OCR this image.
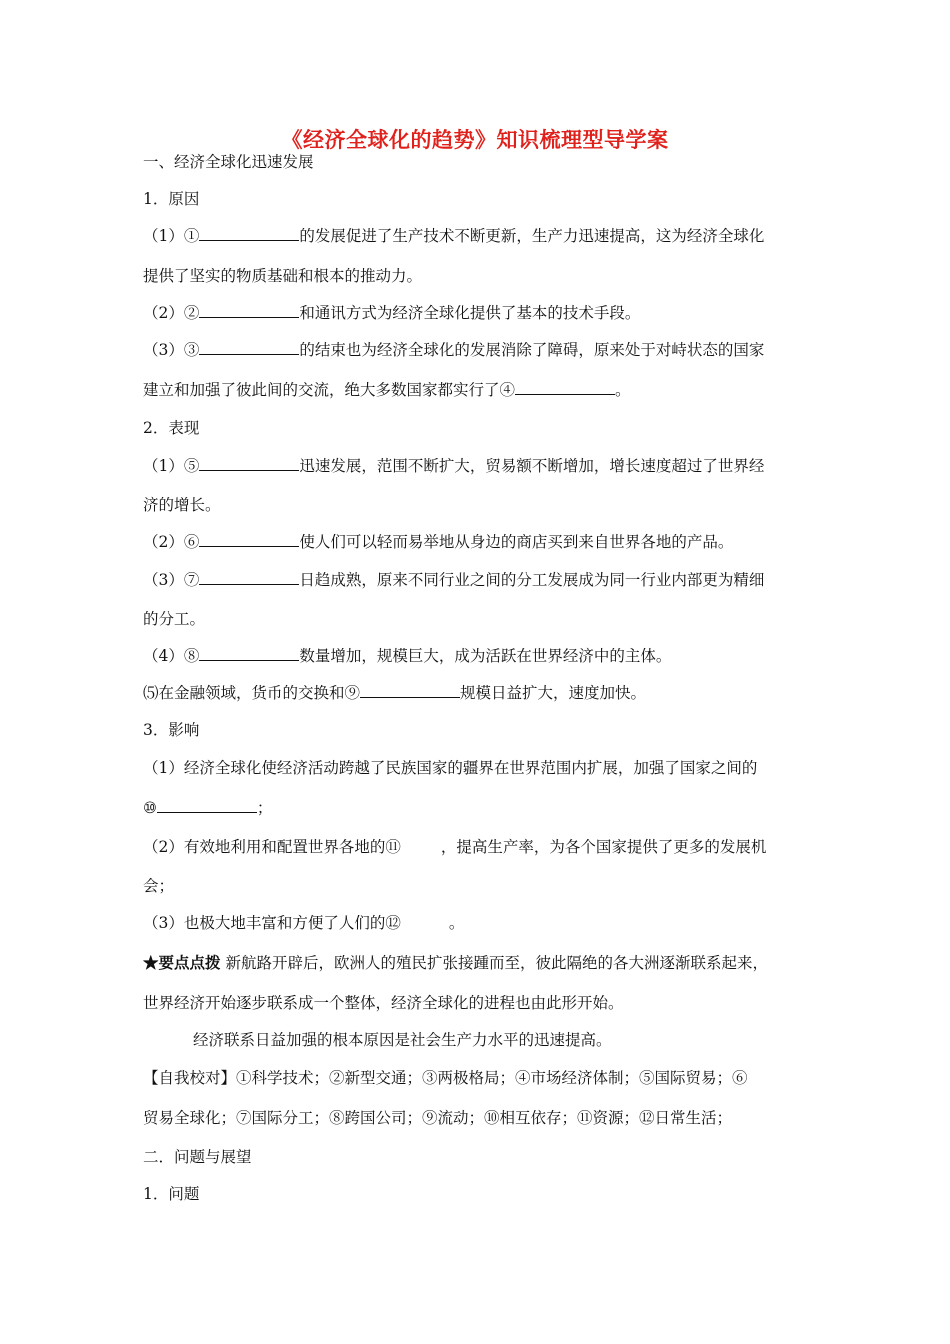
《经济全球化的趋势》知识梳理型导学案
一、经济全球化迅速发展
1．原因
（1）①	的发展促进了生产技术不断更新，生产力迅速提高，这为经济全球化
提供了坚实的物质基础和根本的推动力。
（2）②	和通讯方式为经济全球化提供了基本的技术手段。
（3）③	的结束也为经济全球化的发展消除了障碍，原来处于对峙状态的国家
建立和加强了彼此间的交流，绝大多数国家都实行了④	。
2．表现
（1）⑤	迅速发展，范围不断扩大，贸易额不断增加，增长速度超过了世界经
济的增长。
（2）⑥	使人们可以轻而易举地从身边的商店买到来自世界各地的产品。
（3）⑦	日趋成熟，原来不同行业之间的分工发展成为同一行业内部更为精细
的分工。
（4）⑧	数量增加，规模巨大，成为活跃在世界经济中的主体。
⑸在金融领域，货币的交换和⑨	规模日益扩大，速度加快。
3．影响
（1）经济全球化使经济活动跨越了民族国家的疆界在世界范围内扩展，加强了国家之间的
⑩	；
（2）有效地利用和配置世界各地的⑪	，提高生产率，为各个国家提供了更多的发展机
会；
（3）也极大地丰富和方便了人们的⑫	。
★要点点拨 新航路开辟后，欧洲人的殖民扩张接踵而至，彼此隔绝的各大洲逐渐联系起来，
世界经济开始逐步联系成一个整体，经济全球化的进程也由此形开始。
经济联系日益加强的根本原因是社会生产力水平的迅速提高。
【自我校对】①科学技术；②新型交通；③两极格局；④市场经济体制；⑤国际贸易；⑥
贸易全球化；⑦国际分工；⑧跨国公司；⑨流动；⑩相互依存；⑪资源；⑫日常生活；
二．问题与展望
1．问题
